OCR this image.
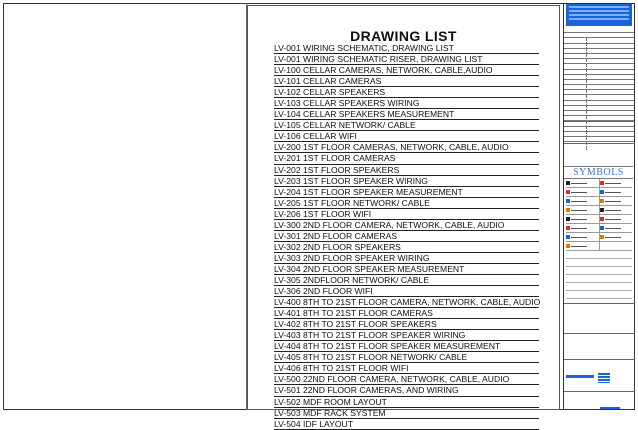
DRAWING LIST
LV-001 WIRING SCHEMATIC, DRAWING LIST
LV-001 WIRING SCHEMATIC RISER, DRAWING LIST
LV-100 CELLAR CAMERAS, NETWORK, CABLE,AUDIO
LV-101 CELLAR CAMERAS
LV-102 CELLAR SPEAKERS
LV-103 CELLAR SPEAKERS WIRING
LV-104 CELLAR SPEAKERS MEASUREMENT
LV-105 CELLAR NETWORK/ CABLE
LV-106 CELLAR WIFI
LV-200 1ST FLOOR CAMERAS, NETWORK, CABLE, AUDIO
LV-201 1ST FLOOR CAMERAS
LV-202 1ST FLOOR SPEAKERS
LV-203 1ST FLOOR SPEAKER WIRING
LV-204 1ST FLOOR SPEAKER MEASUREMENT
LV-205 1ST FLOOR NETWORK/ CABLE
LV-206 1ST FLOOR WIFI
LV-300 2ND FLOOR CAMERA, NETWORK, CABLE, AUDIO
LV-301 2ND FLOOR CAMERAS
LV-302 2ND FLOOR SPEAKERS
LV-303 2ND FLOOR SPEAKER WIRING
LV-304 2ND FLOOR SPEAKER MEASUREMENT
LV-305 2NDFLOOR NETWORK/ CABLE
LV-306 2ND FLOOR WIFI
LV-400 8TH TO 21ST FLOOR CAMERA, NETWORK, CABLE, AUDIO
LV-401 8TH TO 21ST FLOOR CAMERAS
LV-402 8TH TO 21ST FLOOR SPEAKERS
LV-403 8TH TO 21ST FLOOR SPEAKER WIRING
LV-404 8TH TO 21ST FLOOR SPEAKER MEASUREMENT
LV-405 8TH TO 21ST FLOOR NETWORK/ CABLE
LV-406 8TH TO 21ST FLOOR WIFI
LV-500 22ND FLOOR CAMERA, NETWORK, CABLE, AUDIO
LV-501 22ND FLOOR CAMERAS, AND WIRING
LV-502 MDF ROOM LAYOUT
LV-503 MDF RACK SYSTEM
LV-504 IDF LAYOUT
SYMBOLS
